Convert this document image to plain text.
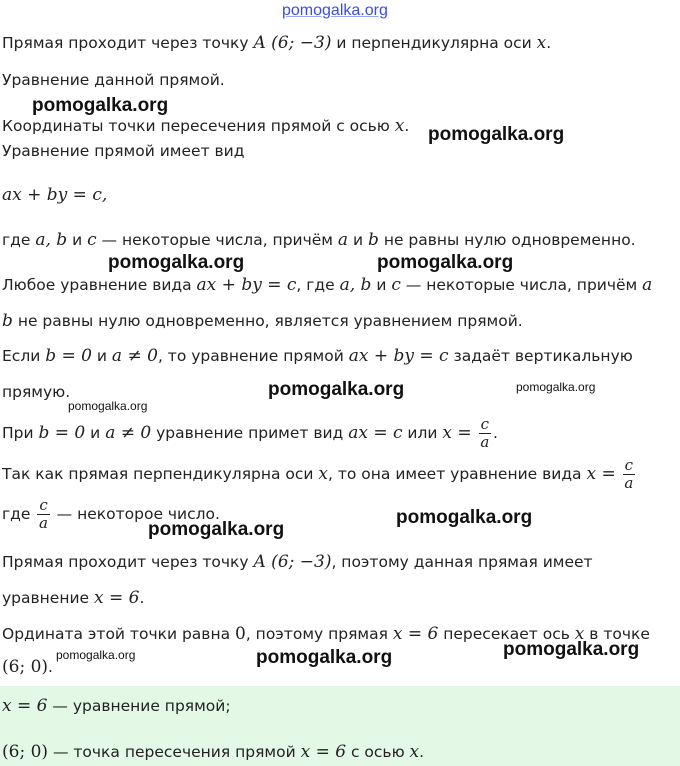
pomogalka.org
Прямая проходит через точку A (6; −3) и перпендикулярна оси x.
Уравнение данной прямой.
Координаты точки пересечения прямой с осью x.
Уравнение прямой имеет вид
ax + by = c,
где a, b и c — некоторые числа, причём a и b не равны нулю одновременно.
Любое уравнение вида ax + by = c, где a, b и c — некоторые числа, причём a
b не равны нулю одновременно, является уравнением прямой.
Если b = 0 и a ≠ 0, то уравнение прямой ax + by = c задаёт вертикальную
прямую.
При b = 0 и a ≠ 0 уравнение примет вид ax = c или $x = \frac{c}{a}$ .
Так как прямая перпендикулярна оси x, то она имеет уравнение вида $x = \frac{c}{a}$
где $\frac{c}{a}$ — некоторое число.
Прямая проходит через точку A (6; −3), поэтому данная прямая имеет
уравнение x = 6.
Ордината этой точки равна 0, поэтому прямая x = 6 пересекает ось x в точке
(6; 0).
x = 6 — уравнение прямой;
(6; 0) — точка пересечения прямой x = 6 с осью x.
pomogalka.org
pomogalka.org
pomogalka.org	pomogalka.org
pomogalka.org	pomogalka.org
pomogalka.org
pomogalka.org
pomogalka.org
pomogalka.org	pomogalka.org	pomogalka.org
